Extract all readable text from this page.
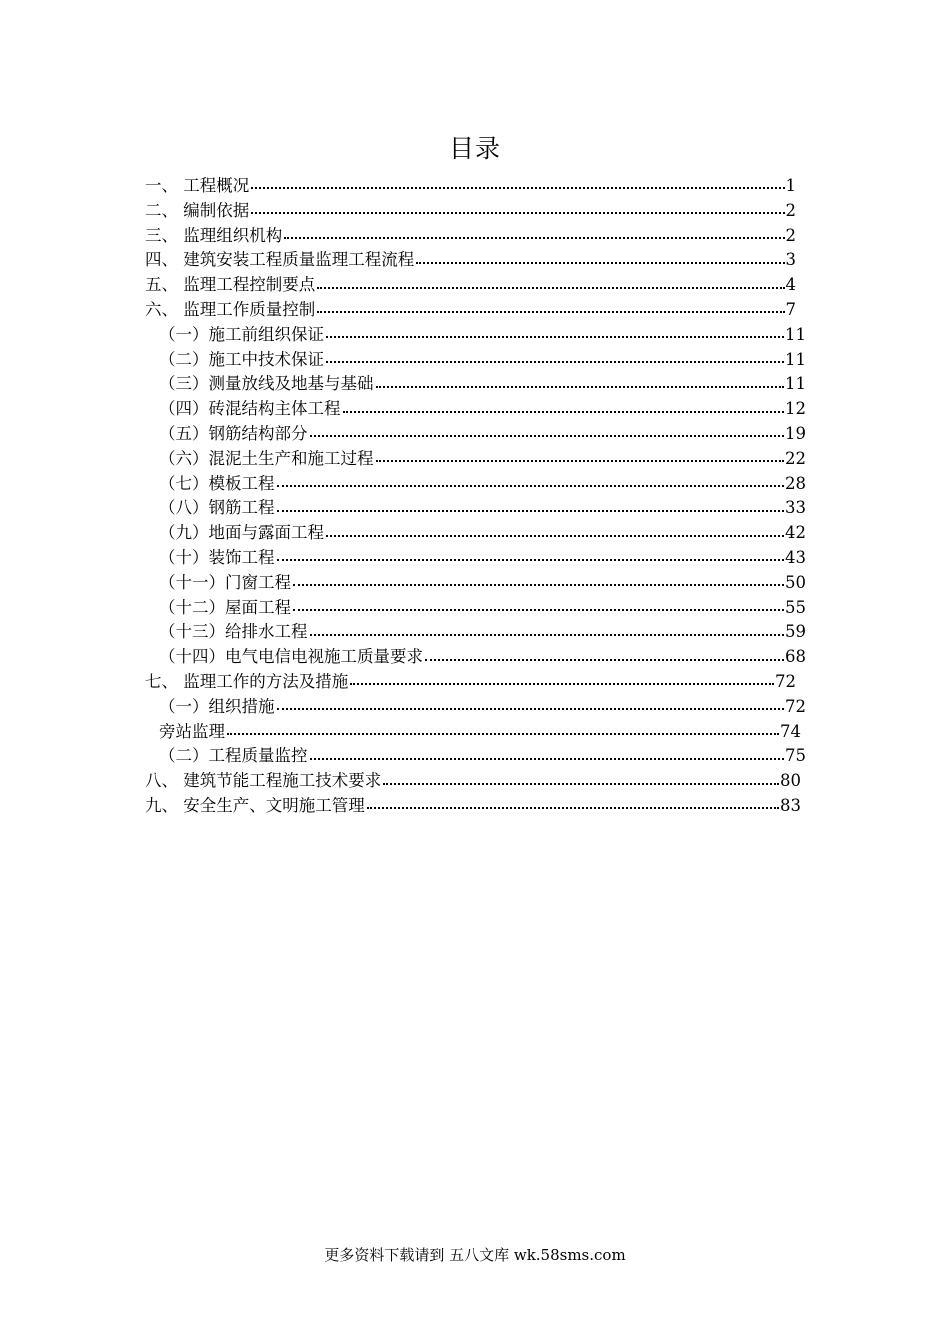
目录
一、 工程概况	1
二、 编制依据	2
三、 监理组织机构	2
四、 建筑安装工程质量监理工程流程	3
五、 监理工程控制要点	4
六、 监理工作质量控制	7
（一）施工前组织保证	11
（二）施工中技术保证	11
（三）测量放线及地基与基础	11
（四）砖混结构主体工程	12
（五）钢筋结构部分	19
（六）混泥土生产和施工过程	22
（七）模板工程	28
（八）钢筋工程	33
（九）地面与露面工程	42
（十）装饰工程	43
（十一）门窗工程	50
（十二）屋面工程	55
（十三）给排水工程	59
（十四）电气电信电视施工质量要求	68
七、 监理工作的方法及措施	72
（一）组织措施	72
旁站监理	74
（二）工程质量监控	75
八、 建筑节能工程施工技术要求	80
九、 安全生产、文明施工管理	83
更多资料下载请到 五八文库 wk.58sms.com
